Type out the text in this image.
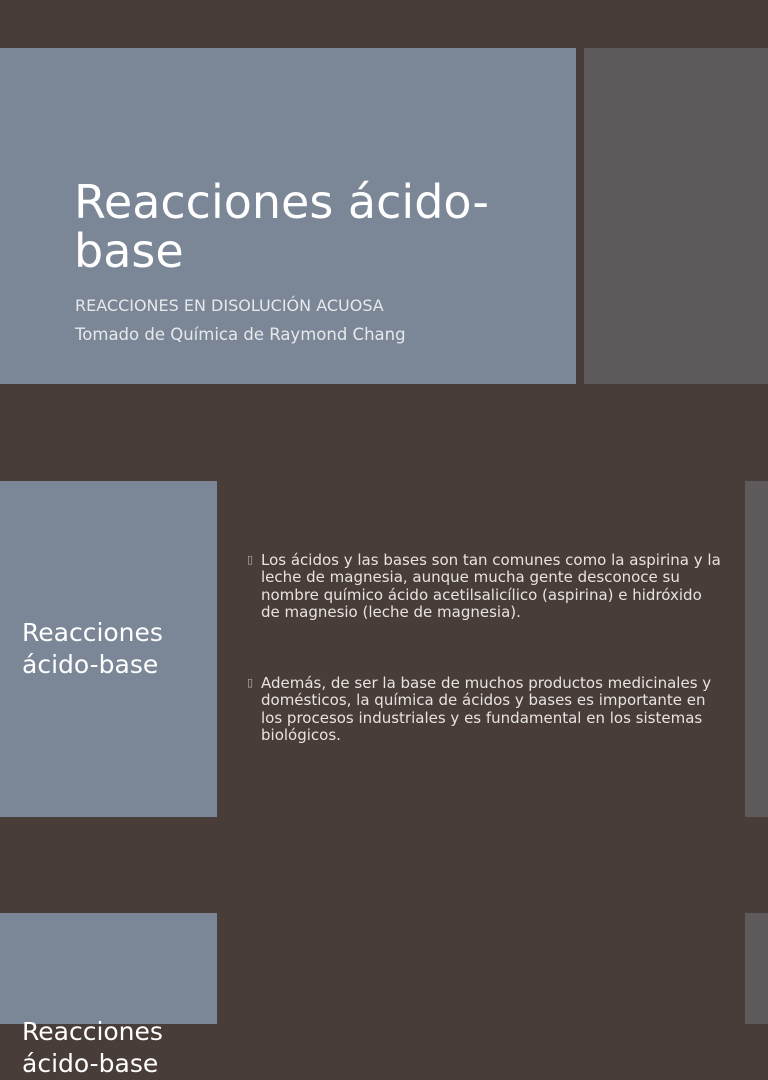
Reacciones ácido-base

REACCIONES EN DISOLUCIÓN ACUOSA

Tomado de Química de Raymond Chang

Reacciones ácido-base

▯ Los ácidos y las bases son tan comunes como la aspirina y la leche de magnesia, aunque mucha gente desconoce su nombre químico ácido acetilsalicílico (aspirina) e hidróxido de magnesio (leche de magnesia).

▯ Además, de ser la base de muchos productos medicinales y domésticos, la química de ácidos y bases es importante en los procesos industriales y es fundamental en los sistemas biológicos.

Reacciones ácido-base
